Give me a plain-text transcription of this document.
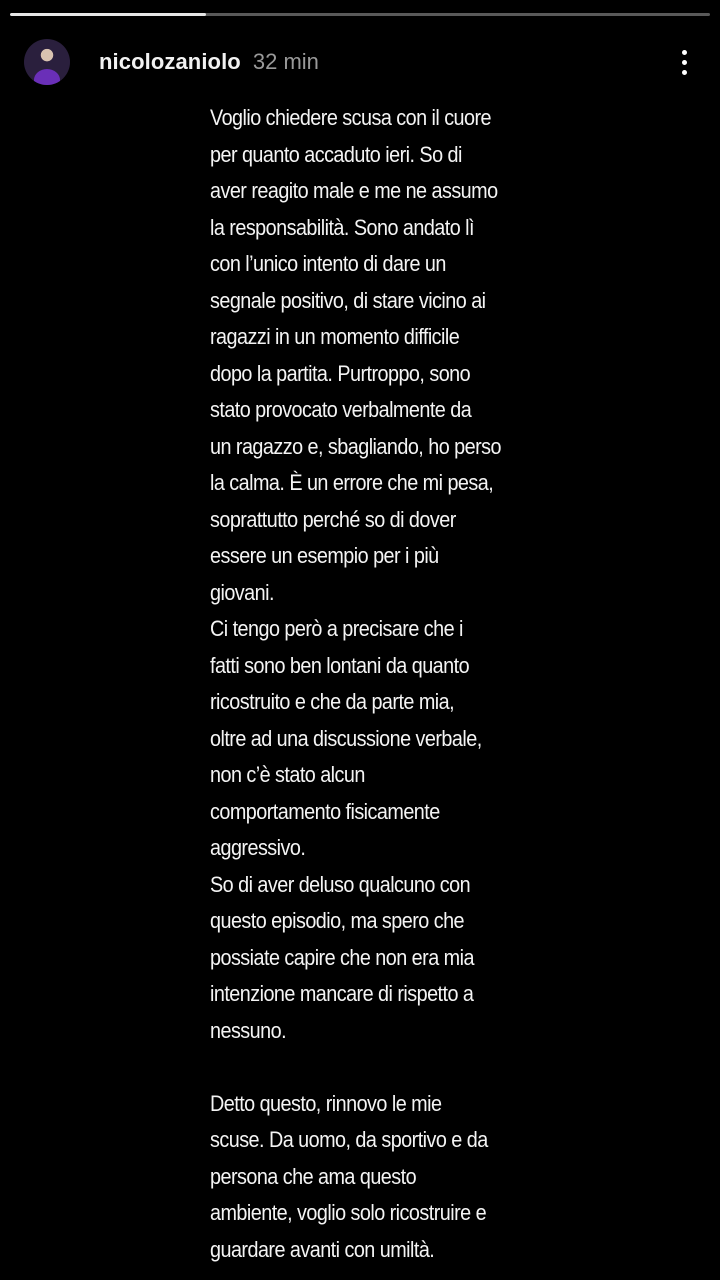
nicolozaniolo 32 min
Voglio chiedere scusa con il cuore
per quanto accaduto ieri. So di
aver reagito male e me ne assumo
la responsabilità. Sono andato lì
con l’unico intento di dare un
segnale positivo, di stare vicino ai
ragazzi in un momento difficile
dopo la partita. Purtroppo, sono
stato provocato verbalmente da
un ragazzo e, sbagliando, ho perso
la calma. È un errore che mi pesa,
soprattutto perché so di dover
essere un esempio per i più
giovani.
Ci tengo però a precisare che i
fatti sono ben lontani da quanto
ricostruito e che da parte mia,
oltre ad una discussione verbale,
non c’è stato alcun
comportamento fisicamente
aggressivo.
So di aver deluso qualcuno con
questo episodio, ma spero che
possiate capire che non era mia
intenzione mancare di rispetto a
nessuno.

Detto questo, rinnovo le mie
scuse. Da uomo, da sportivo e da
persona che ama questo
ambiente, voglio solo ricostruire e
guardare avanti con umiltà.
